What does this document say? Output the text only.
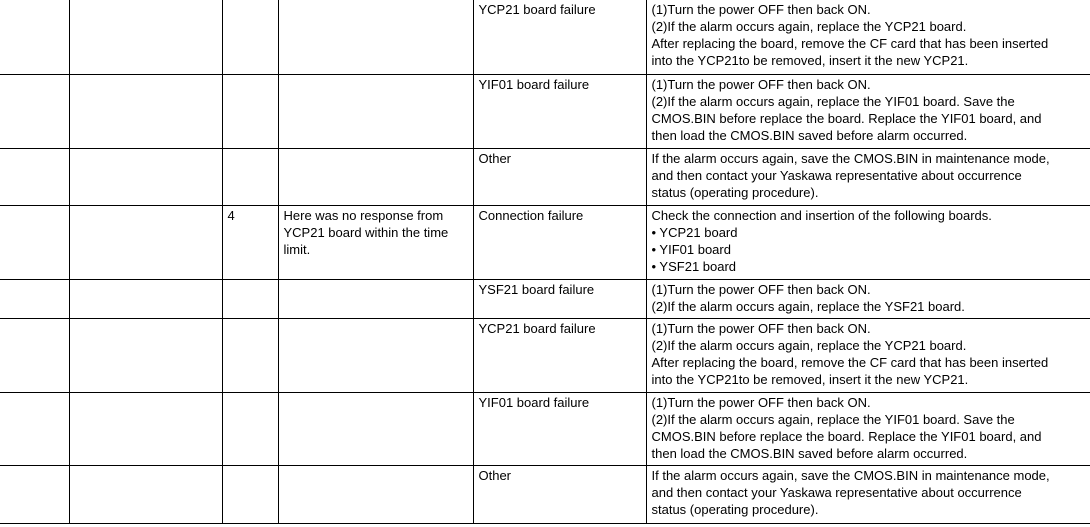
				YCP21 board failure	(1)Turn the power OFF then back ON.
(2)If the alarm occurs again, replace the YCP21 board.
After replacing the board, remove the CF card that has been inserted
into the YCP21to be removed, insert it the new YCP21.

				YIF01 board failure	(1)Turn the power OFF then back ON.
(2)If the alarm occurs again, replace the YIF01 board. Save the
CMOS.BIN before replace the board. Replace the YIF01 board, and
then load the CMOS.BIN saved before alarm occurred.

				Other	If the alarm occurs again, save the CMOS.BIN in maintenance mode,
and then contact your Yaskawa representative about occurrence
status (operating procedure).

		4	Here was no response from
YCP21 board within the time
limit.	Connection failure	Check the connection and insertion of the following boards.
• YCP21 board
• YIF01 board
• YSF21 board

				YSF21 board failure	(1)Turn the power OFF then back ON.
(2)If the alarm occurs again, replace the YSF21 board.

				YCP21 board failure	(1)Turn the power OFF then back ON.
(2)If the alarm occurs again, replace the YCP21 board.
After replacing the board, remove the CF card that has been inserted
into the YCP21to be removed, insert it the new YCP21.

				YIF01 board failure	(1)Turn the power OFF then back ON.
(2)If the alarm occurs again, replace the YIF01 board. Save the
CMOS.BIN before replace the board. Replace the YIF01 board, and
then load the CMOS.BIN saved before alarm occurred.

				Other	If the alarm occurs again, save the CMOS.BIN in maintenance mode,
and then contact your Yaskawa representative about occurrence
status (operating procedure).
